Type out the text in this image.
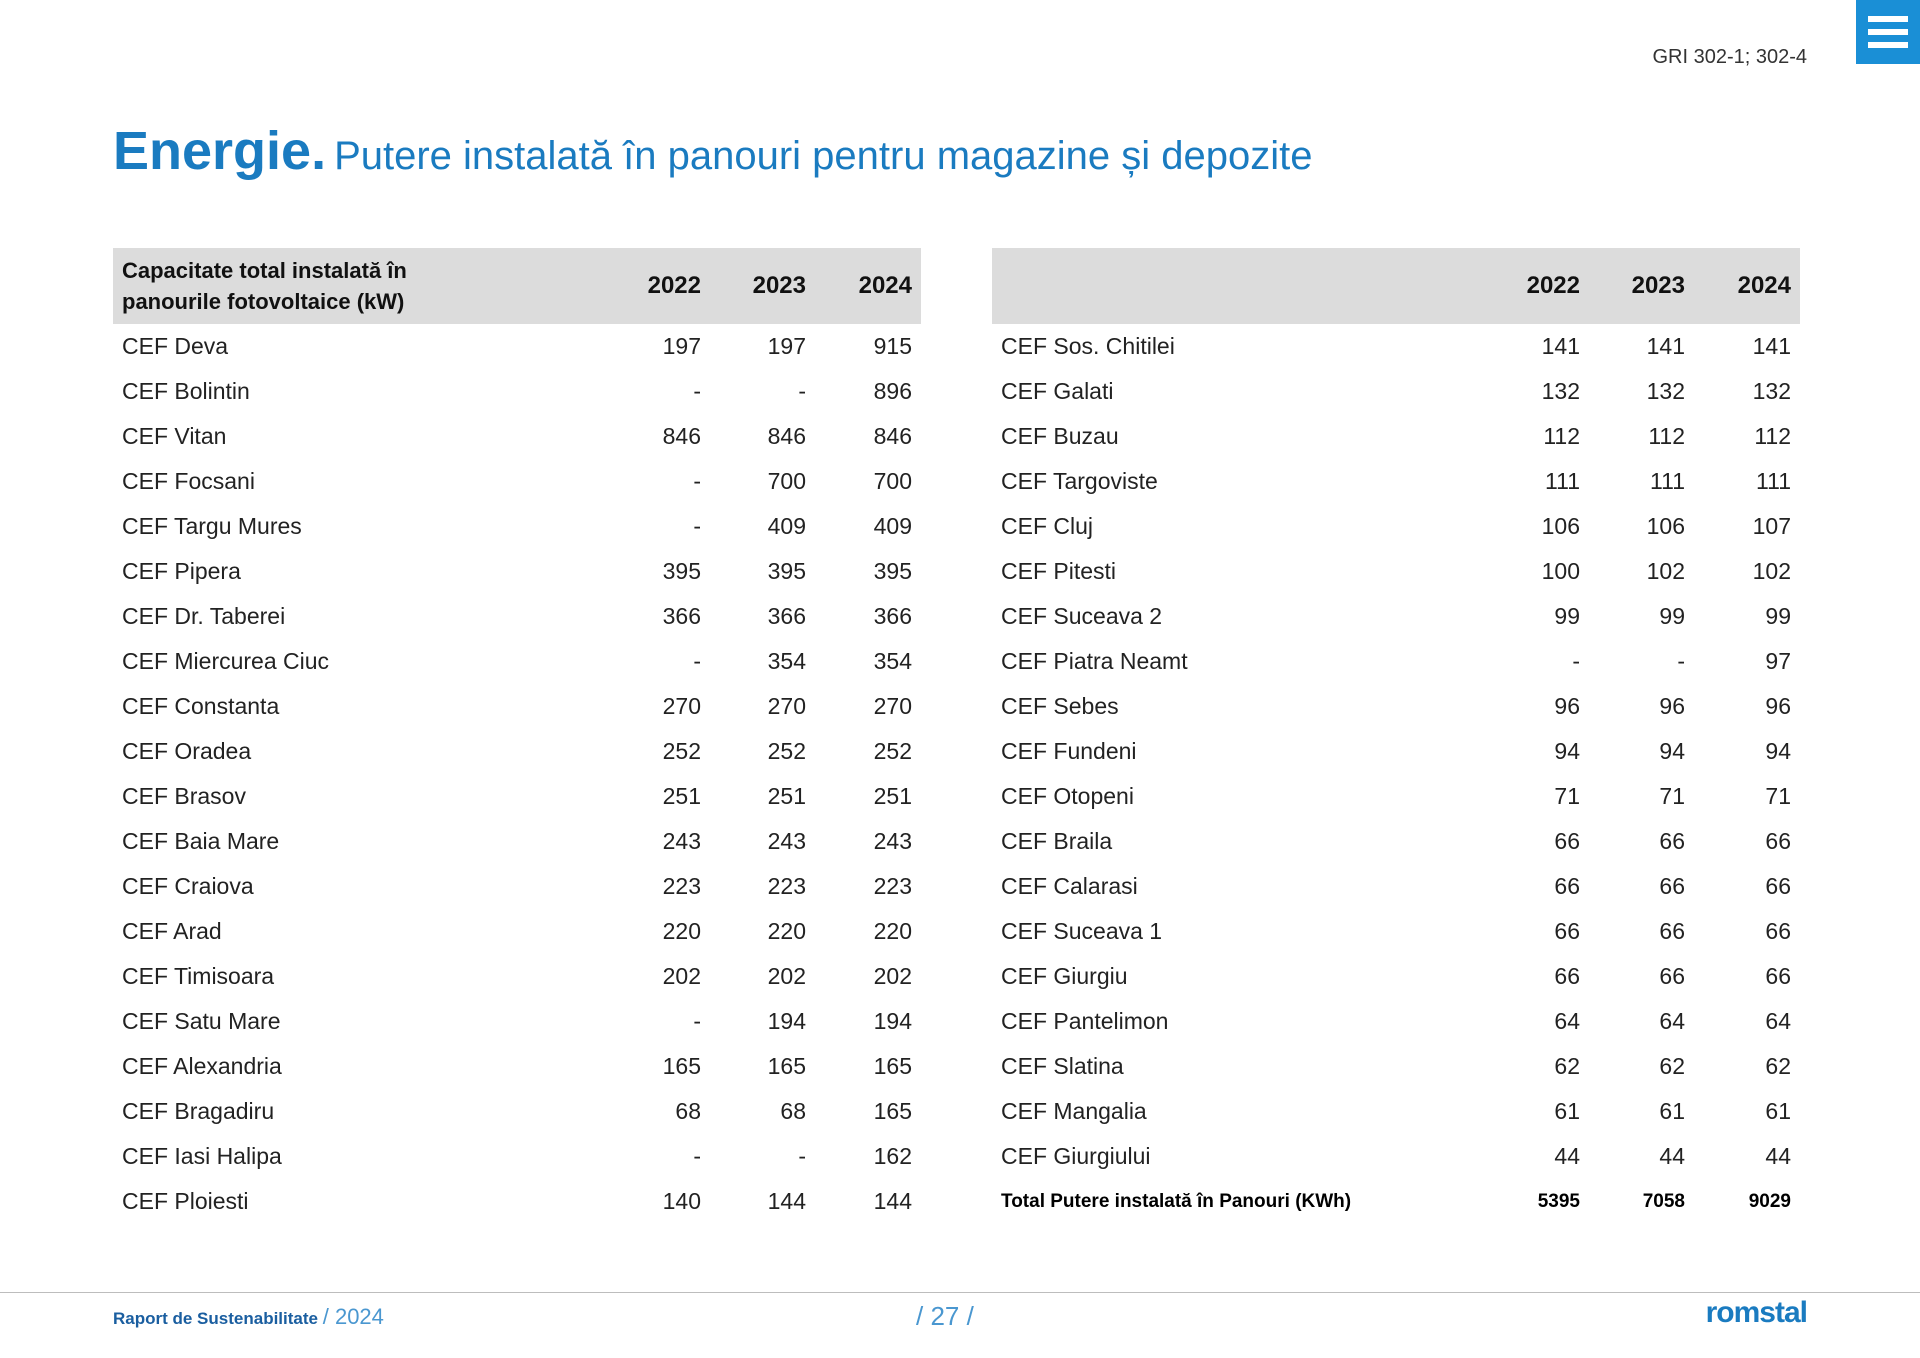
GRI 302-1; 302-4
Energie. Putere instalată în panouri pentru magazine și depozite
Capacitate total instalată în
panourile fotovoltaice (kW)	2022	2023	2024
CEF Deva	197	197	915
CEF Bolintin	-	-	896
CEF Vitan	846	846	846
CEF Focsani	-	700	700
CEF Targu Mures	-	409	409
CEF Pipera	395	395	395
CEF Dr. Taberei	366	366	366
CEF Miercurea Ciuc	-	354	354
CEF Constanta	270	270	270
CEF Oradea	252	252	252
CEF Brasov	251	251	251
CEF Baia Mare	243	243	243
CEF Craiova	223	223	223
CEF Arad	220	220	220
CEF Timisoara	202	202	202
CEF Satu Mare	-	194	194
CEF Alexandria	165	165	165
CEF Bragadiru	68	68	165
CEF Iasi Halipa	-	-	162
CEF Ploiesti	140	144	144
	2022	2023	2024
CEF Sos. Chitilei	141	141	141
CEF Galati	132	132	132
CEF Buzau	112	112	112
CEF Targoviste	111	111	111
CEF Cluj	106	106	107
CEF Pitesti	100	102	102
CEF Suceava 2	99	99	99
CEF Piatra Neamt	-	-	97
CEF Sebes	96	96	96
CEF Fundeni	94	94	94
CEF Otopeni	71	71	71
CEF Braila	66	66	66
CEF Calarasi	66	66	66
CEF Suceava 1	66	66	66
CEF Giurgiu	66	66	66
CEF Pantelimon	64	64	64
CEF Slatina	62	62	62
CEF Mangalia	61	61	61
CEF Giurgiului	44	44	44
Total Putere instalată în Panouri (KWh)	5395	7058	9029
Raport de Sustenabilitate / 2024	/ 27 /	romstal
